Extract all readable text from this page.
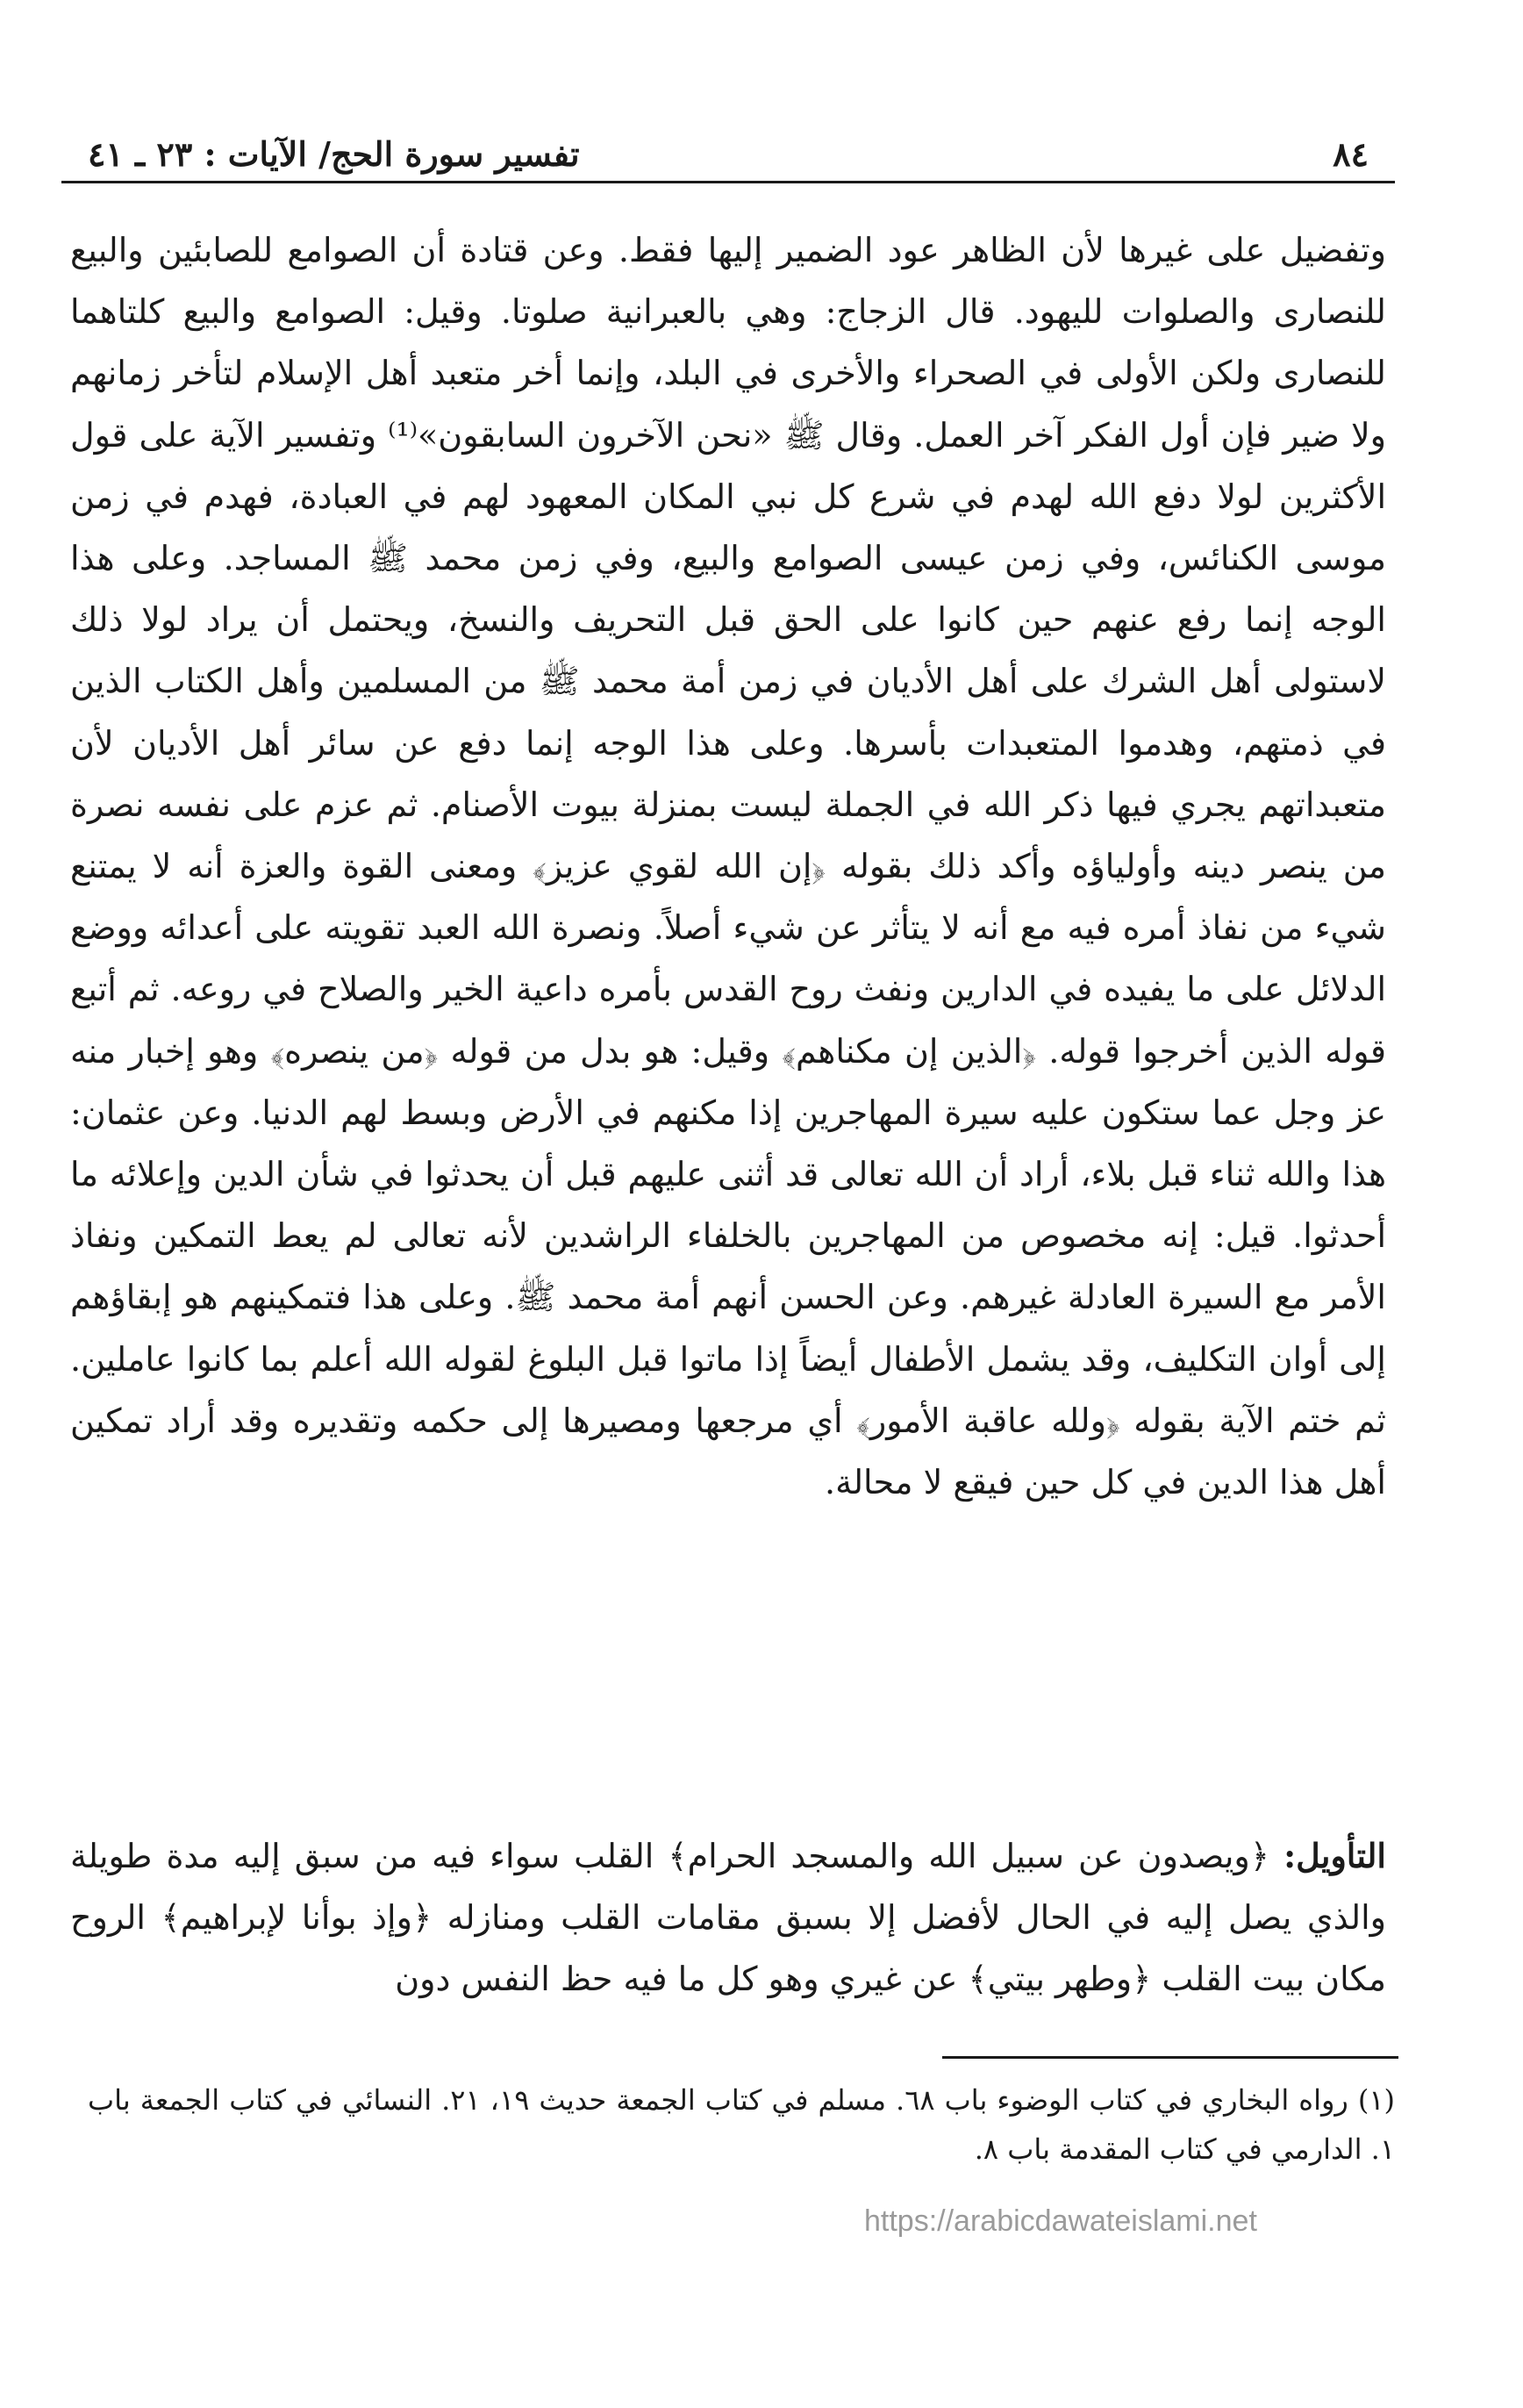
٨٤
تفسير سورة الحج/ الآيات : ٢٣ ـ ٤١

وتفضيل على غيرها لأن الظاهر عود الضمير إليها فقط. وعن قتادة أن الصوامع للصابئين والبيع للنصارى والصلوات لليهود. قال الزجاج: وهي بالعبرانية صلوتا. وقيل: الصوامع والبيع كلتاهما للنصارى ولكن الأولى في الصحراء والأخرى في البلد، وإنما أخر متعبد أهل الإسلام لتأخر زمانهم ولا ضير فإن أول الفكر آخر العمل. وقال ﷺ «نحن الآخرون السابقون»⁽¹⁾ وتفسير الآية على قول الأكثرين لولا دفع الله لهدم في شرع كل نبي المكان المعهود لهم في العبادة، فهدم في زمن موسى الكنائس، وفي زمن عيسى الصوامع والبيع، وفي زمن محمد ﷺ المساجد. وعلى هذا الوجه إنما رفع عنهم حين كانوا على الحق قبل التحريف والنسخ، ويحتمل أن يراد لولا ذلك لاستولى أهل الشرك على أهل الأديان في زمن أمة محمد ﷺ من المسلمين وأهل الكتاب الذين في ذمتهم، وهدموا المتعبدات بأسرها. وعلى هذا الوجه إنما دفع عن سائر أهل الأديان لأن متعبداتهم يجري فيها ذكر الله في الجملة ليست بمنزلة بيوت الأصنام. ثم عزم على نفسه نصرة من ينصر دينه وأولياؤه وأكد ذلك بقوله ﴿إن الله لقوي عزيز﴾ ومعنى القوة والعزة أنه لا يمتنع شيء من نفاذ أمره فيه مع أنه لا يتأثر عن شيء أصلاً. ونصرة الله العبد تقويته على أعدائه ووضع الدلائل على ما يفيده في الدارين ونفث روح القدس بأمره داعية الخير والصلاح في روعه. ثم أتبع قوله الذين أخرجوا قوله. ﴿الذين إن مكناهم﴾ وقيل: هو بدل من قوله ﴿من ينصره﴾ وهو إخبار منه عز وجل عما ستكون عليه سيرة المهاجرين إذا مكنهم في الأرض وبسط لهم الدنيا. وعن عثمان: هذا والله ثناء قبل بلاء، أراد أن الله تعالى قد أثنى عليهم قبل أن يحدثوا في شأن الدين وإعلائه ما أحدثوا. قيل: إنه مخصوص من المهاجرين بالخلفاء الراشدين لأنه تعالى لم يعط التمكين ونفاذ الأمر مع السيرة العادلة غيرهم. وعن الحسن أنهم أمة محمد ﷺ. وعلى هذا فتمكينهم هو إبقاؤهم إلى أوان التكليف، وقد يشمل الأطفال أيضاً إذا ماتوا قبل البلوغ لقوله الله أعلم بما كانوا عاملين. ثم ختم الآية بقوله ﴿ولله عاقبة الأمور﴾ أي مرجعها ومصيرها إلى حكمه وتقديره وقد أراد تمكين أهل هذا الدين في كل حين فيقع لا محالة.

التأويل: ﴿ويصدون عن سبيل الله والمسجد الحرام﴾ القلب سواء فيه من سبق إليه مدة طويلة والذي يصل إليه في الحال لأفضل إلا بسبق مقامات القلب ومنازله ﴿وإذ بوأنا لإبراهيم﴾ الروح مكان بيت القلب ﴿وطهر بيتي﴾ عن غيري وهو كل ما فيه حظ النفس دون

(١) رواه البخاري في كتاب الوضوء باب ٦٨. مسلم في كتاب الجمعة حديث ١٩، ٢١. النسائي في كتاب الجمعة باب ١. الدارمي في كتاب المقدمة باب ٨.

https://arabicdawateislami.net
